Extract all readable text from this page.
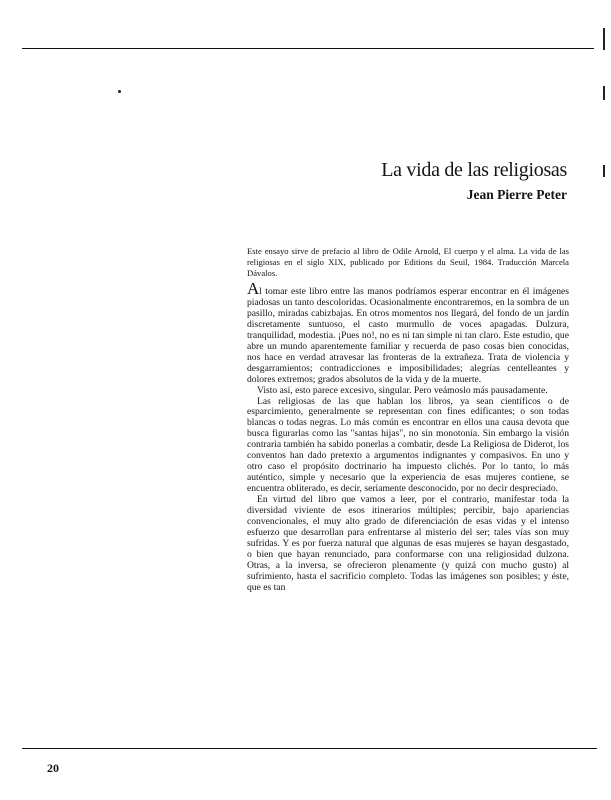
La vida de las religiosas
Jean Pierre Peter

Este ensayo sirve de prefacio al libro de Odile Arnold, El cuerpo y el alma. La vida de las religiosas en el siglo XIX, publicado por Editions du Seuil, 1984. Traducción Marcela Dávalos.

Al tomar este libro entre las manos podríamos esperar encontrar en él imágenes piadosas un tanto descoloridas. Ocasionalmente encontraremos, en la sombra de un pasillo, miradas cabizbajas. En otros momentos nos llegará, del fondo de un jardín discretamente suntuoso, el casto murmullo de voces apagadas. Dulzura, tranquilidad, modestia. ¡Pues no!, no es ni tan simple ni tan claro. Este estudio, que abre un mundo aparentemente familiar y recuerda de paso cosas bien conocidas, nos hace en verdad atravesar las fronteras de la extrañeza. Trata de violencia y desgarramientos; contradicciones e imposibilidades; alegrías centelleantes y dolores extremos; grados absolutos de la vida y de la muerte.

Visto así, esto parece excesivo, singular. Pero veámoslo más pausadamente.

Las religiosas de las que hablan los libros, ya sean científicos o de esparcimiento, generalmente se representan con fines edificantes; o son todas blancas o todas negras. Lo más común es encontrar en ellos una causa devota que busca figurarlas como las "santas hijas", no sin monotonía. Sin embargo la visión contraria también ha sabido ponerlas a combatir, desde La Religiosa de Diderot, los conventos han dado pretexto a argumentos indignantes y compasivos. En uno y otro caso el propósito doctrinario ha impuesto clichés. Por lo tanto, lo más auténtico, simple y necesario que la experiencia de esas mujeres contiene, se encuentra obliterado, es decir, seriamente desconocido, por no decir despreciado.

En virtud del libro que vamos a leer, por el contrario, manifestar toda la diversidad viviente de esos itinerarios múltiples; percibir, bajo apariencias convencionales, el muy alto grado de diferenciación de esas vidas y el intenso esfuerzo que desarrollan para enfrentarse al misterio del ser; tales vías son muy sufridas. Y es por fuerza natural que algunas de esas mujeres se hayan desgastado, o bien que hayan renunciado, para conformarse con una religiosidad dulzona. Otras, a la inversa, se ofrecieron plenamente (y quizá con mucho gusto) al sufrimiento, hasta el sacrificio completo. Todas las imágenes son posibles; y éste, que es tan

20
